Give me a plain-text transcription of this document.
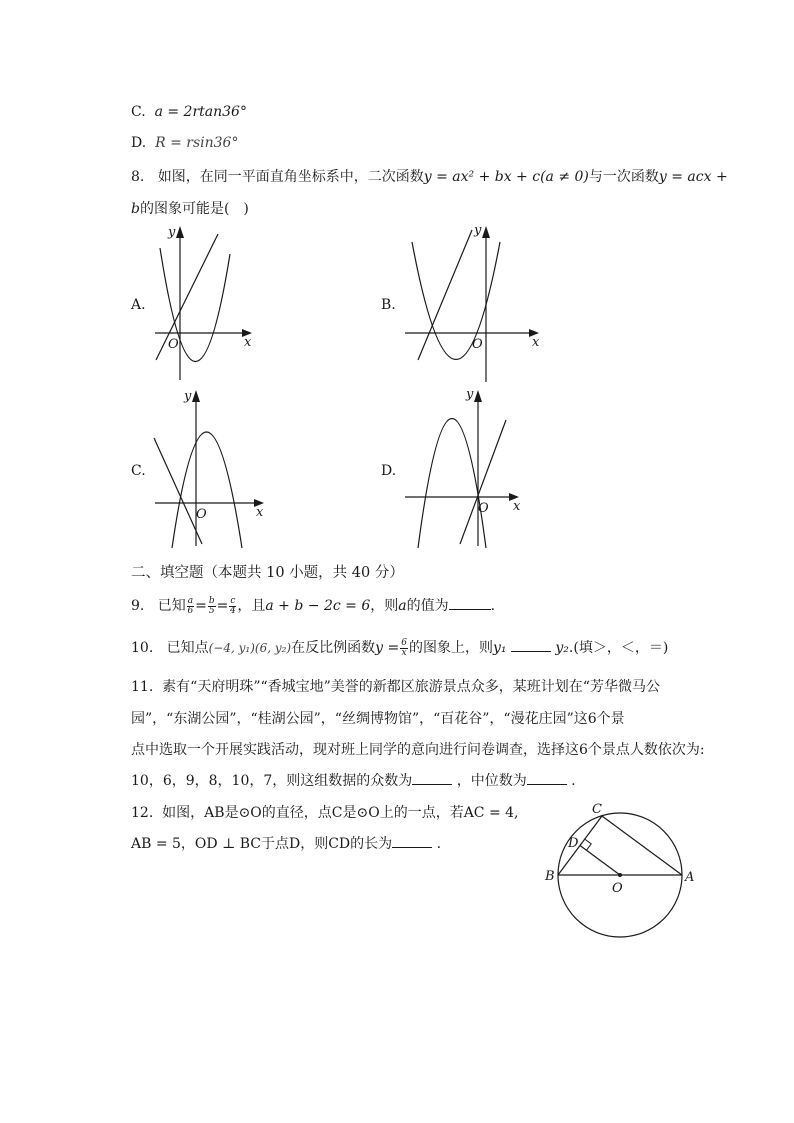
C. a = 2rtan36°
D. R = rsin36°
8. 如图，在同一平面直角坐标系中，二次函数y = ax² + bx + c(a ≠ 0)与一次函数y = acx +
b的图象可能是(　)
A.
y
x
O
B.
y
x
O
C.
y
x
O
D.
y
x
O
二、填空题（本题共 10 小题，共 40 分）
9. 已知 $\frac{a}{6} = \frac{b}{5} = \frac{c}{4}$ ，且a + b − 2c = 6，则a的值为	.
10. 已知点(−4, y₁)(6, y₂)在反比例函数$y = \frac{6}{x}$ 的图象上，则y₁	y₂.(填＞，＜，＝)
11. 素有“天府明珠”“香城宝地”美誉的新都区旅游景点众多，某班计划在“芳华微马公
园”，“东湖公园”，“桂湖公园”，“丝绸博物馆”，“百花谷”，“漫花庄园”这6个景
点中选取一个开展实践活动，现对班上同学的意向进行问卷调查，选择这6个景点人数依次为:
10，6，9，8，10，7，则这组数据的众数为	，中位数为	.
12. 如图，AB是⊙O的直径，点C是⊙O上的一点，若AC = 4,
AB = 5，OD ⊥ BC于点D，则CD的长为	.
C
D
B	A
O
